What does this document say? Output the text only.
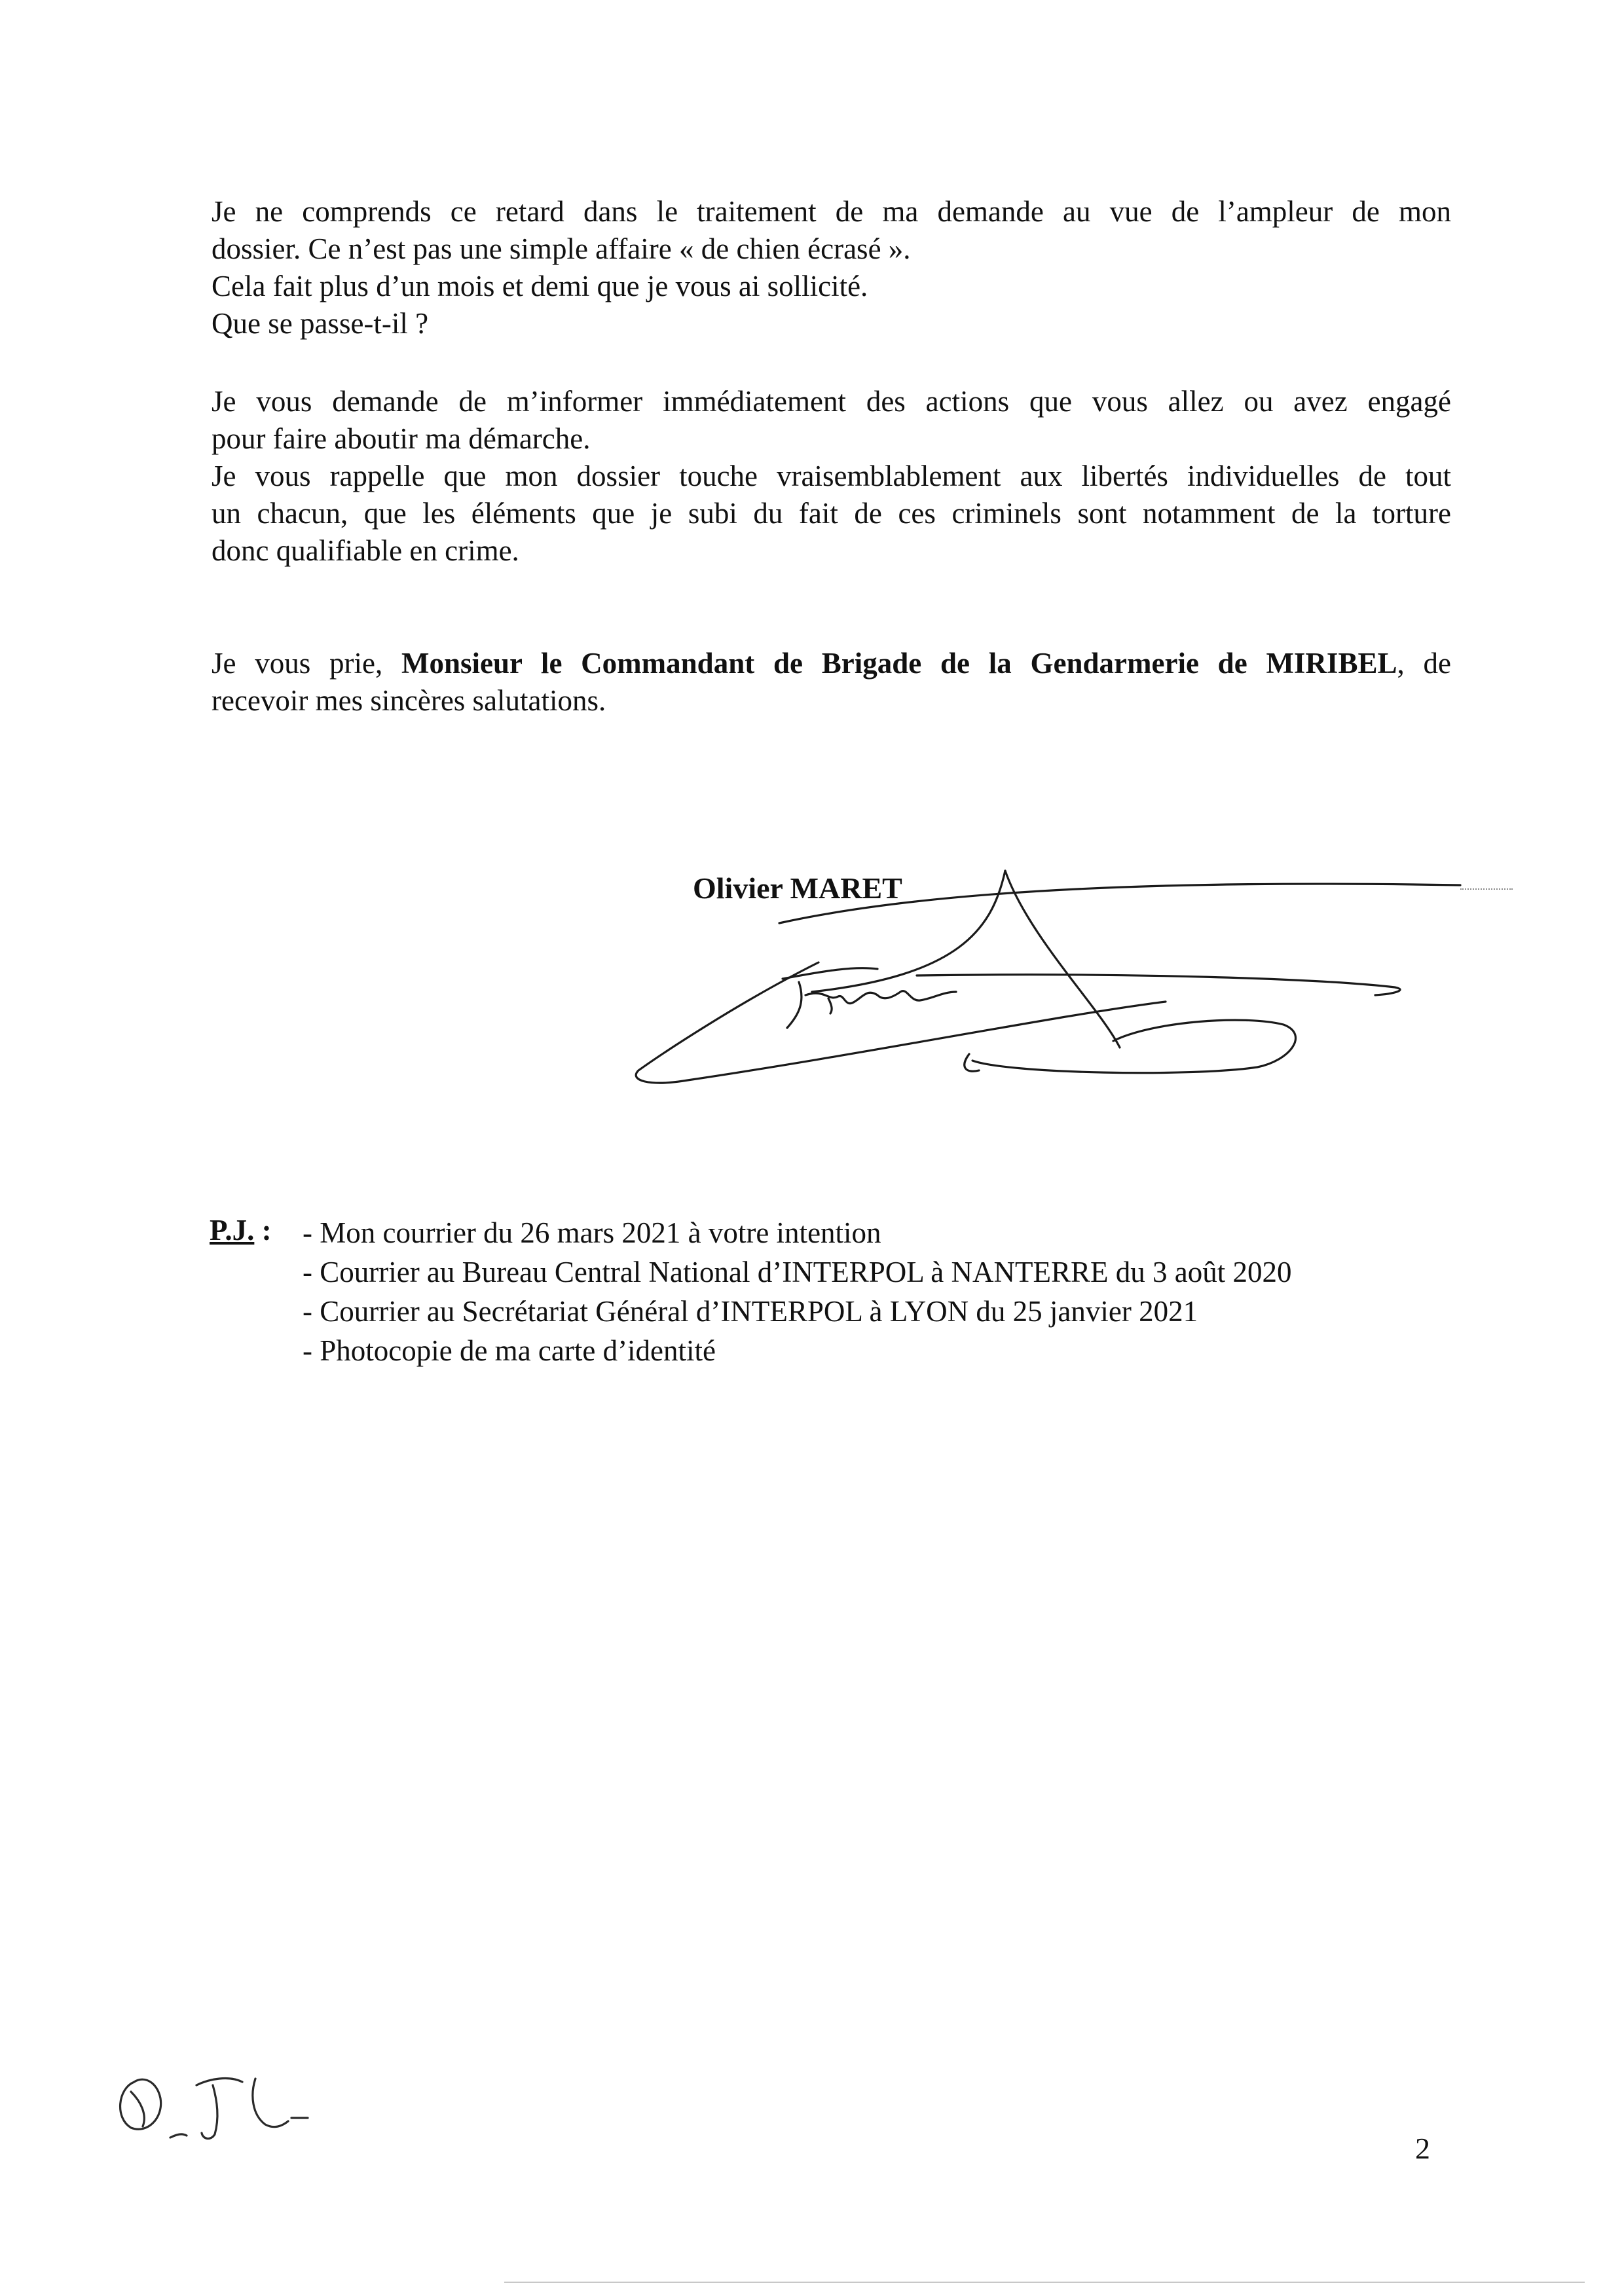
Je ne comprends ce retard dans le traitement de ma demande au vue de l’ampleur de mon
dossier. Ce n’est pas une simple affaire « de chien écrasé ».
Cela fait plus d’un mois et demi que je vous ai sollicité.
Que se passe-t-il ?
Je vous demande de m’informer immédiatement des actions que vous allez ou avez engagé
pour faire aboutir ma démarche.
Je vous rappelle que mon dossier touche vraisemblablement aux libertés individuelles de tout
un chacun, que les éléments que je subi du fait de ces criminels sont notamment de la torture
donc qualifiable en crime.
Je vous prie, Monsieur le Commandant de Brigade de la Gendarmerie de MIRIBEL, de
recevoir mes sincères salutations.
Olivier MARET
P.J. : - Mon courrier du 26 mars 2021 à votre intention
- Courrier au Bureau Central National d’INTERPOL à NANTERRE du 3 août 2020
- Courrier au Secrétariat Général d’INTERPOL à LYON du 25 janvier 2021
- Photocopie de ma carte d’identité
2
